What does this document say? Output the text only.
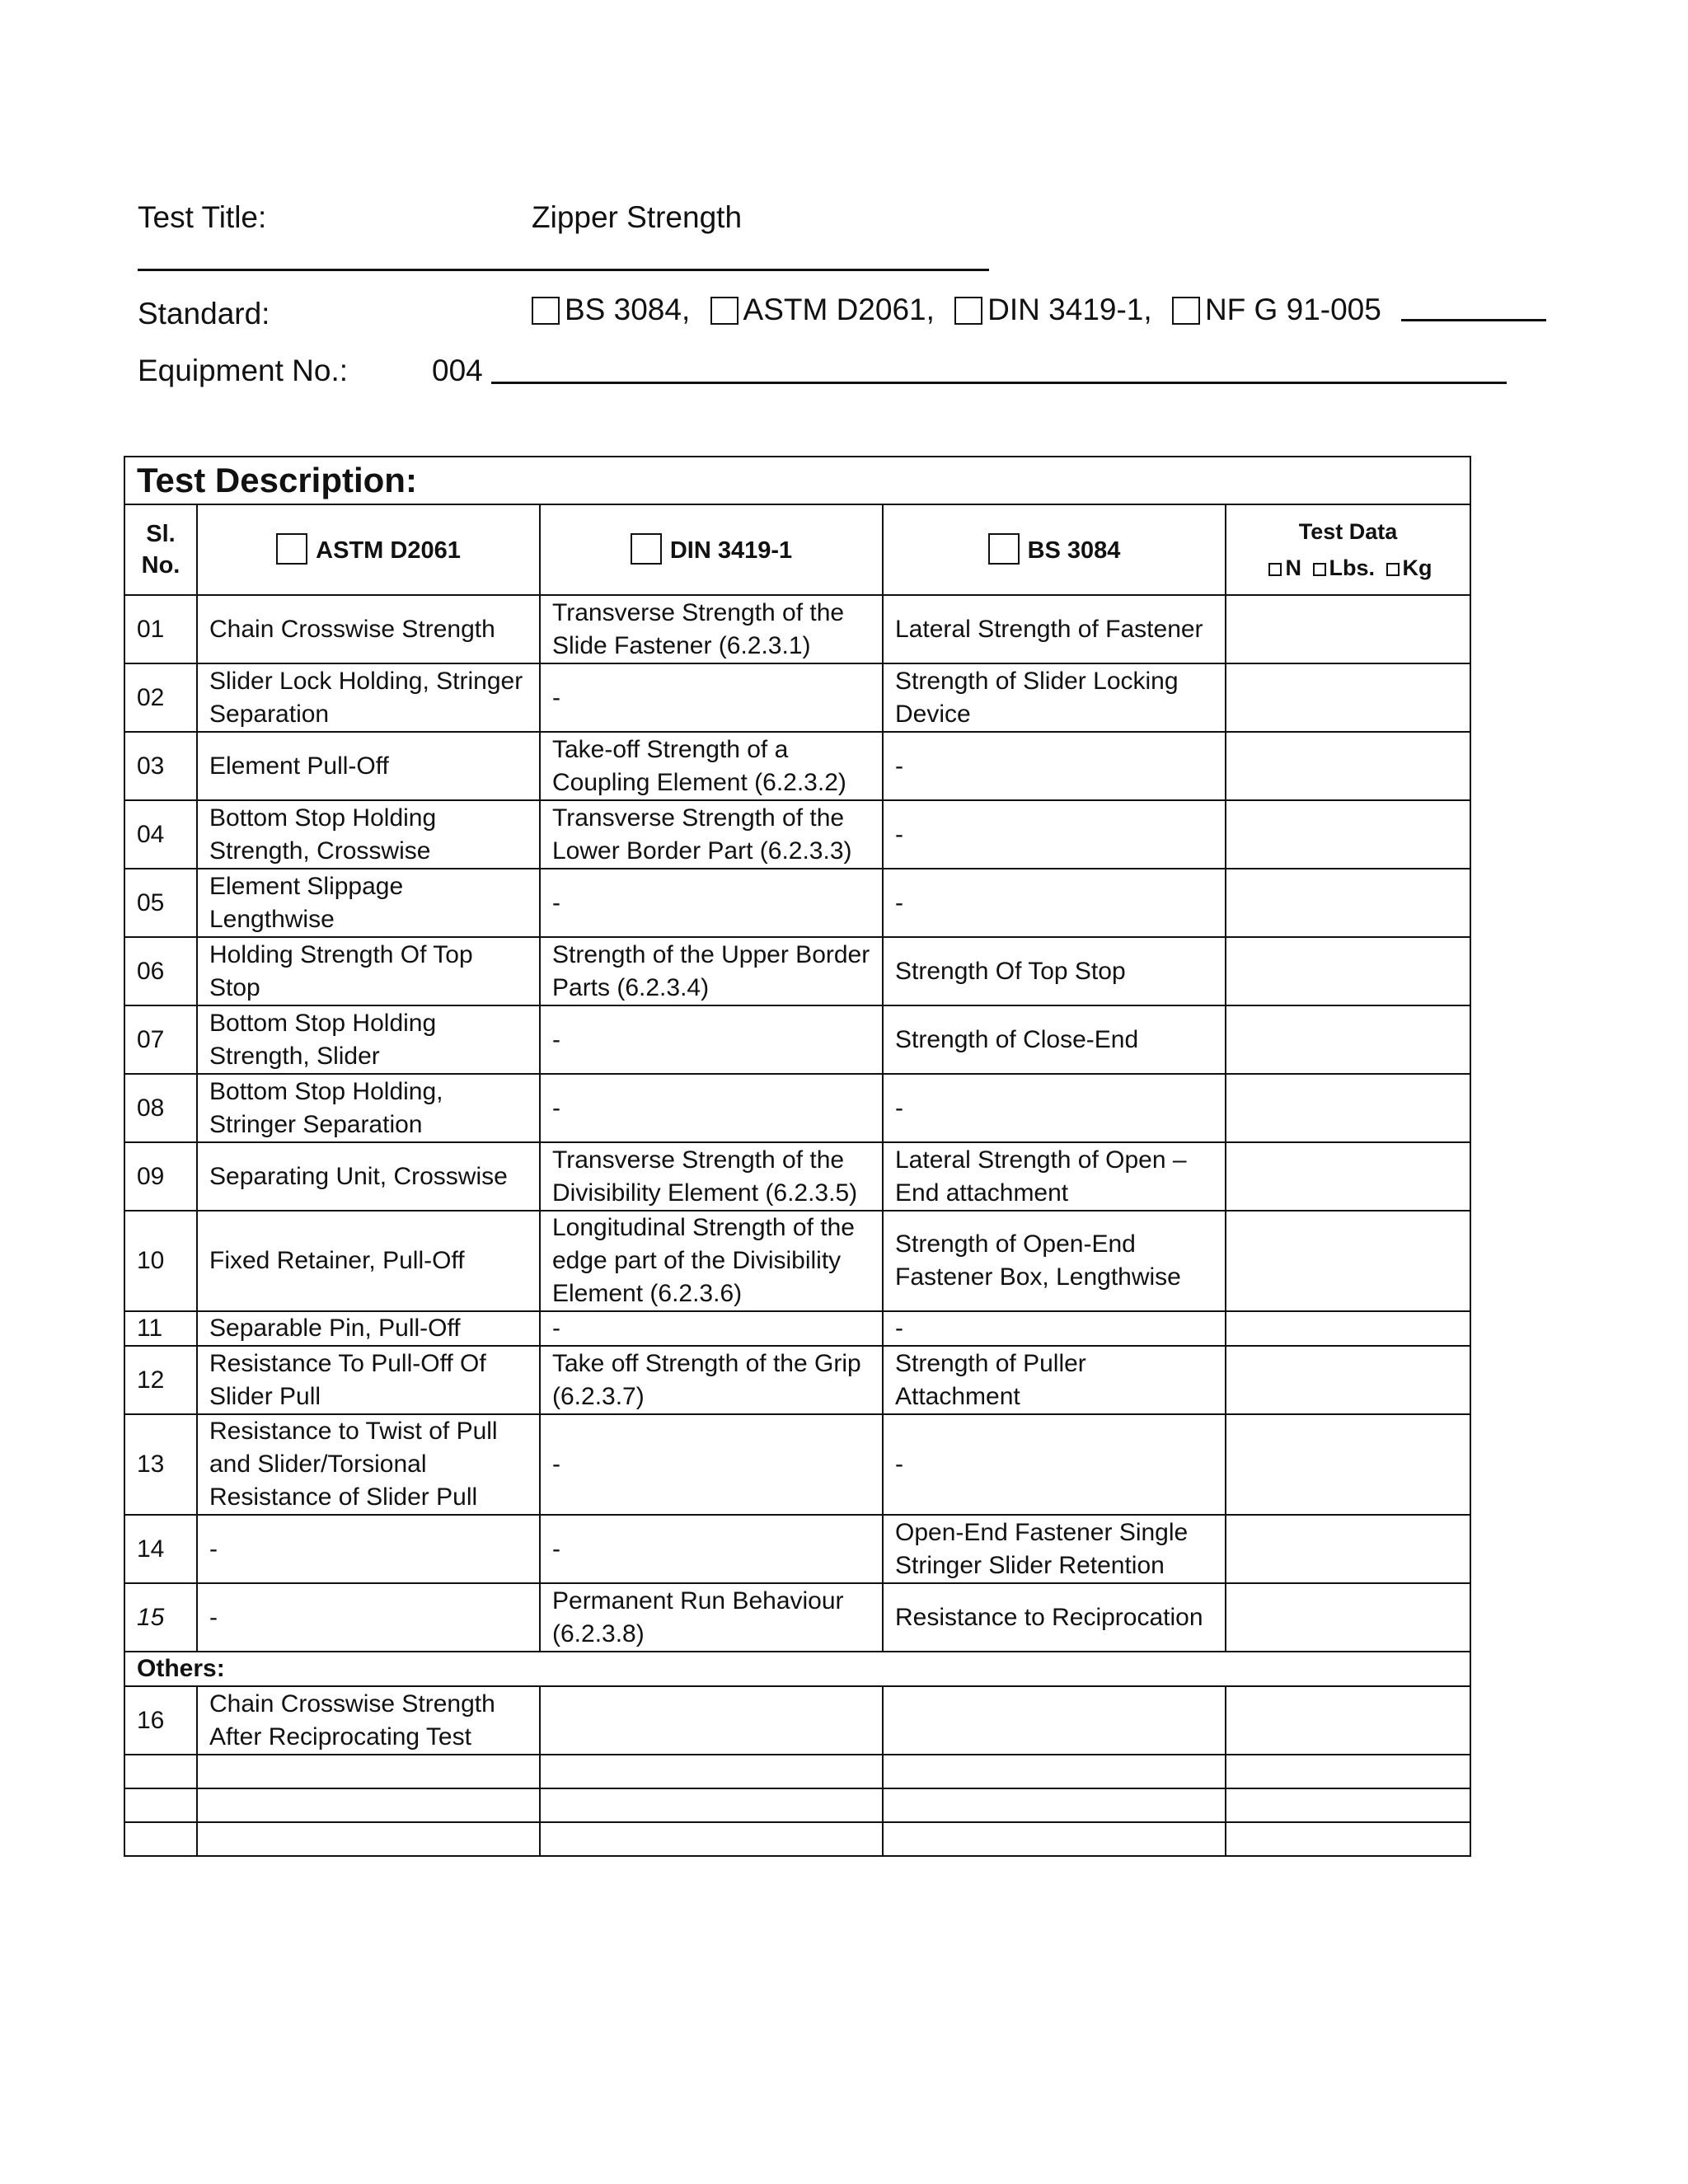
Test Title:	Zipper Strength
Standard:	BS 3084, ASTM D2061, DIN 3419-1, NF G 91-005
Equipment No.:	004
Test Description:				
Sl. No.	ASTM D2061	DIN 3419-1	BS 3084	Test Data
N Lbs. Kg

01	Chain Crosswise Strength	Transverse Strength of the Slide Fastener (6.2.3.1)	Lateral Strength of Fastener	
02	Slider Lock Holding, Stringer Separation	-	Strength of Slider Locking Device	
03	Element Pull-Off	Take-off Strength of a Coupling Element (6.2.3.2)	-	
04	Bottom Stop Holding Strength, Crosswise	Transverse Strength of the Lower Border Part (6.2.3.3)	-	
05	Element Slippage Lengthwise	-	-	
06	Holding Strength Of Top Stop	Strength of the Upper Border Parts (6.2.3.4)	Strength Of Top Stop	
07	Bottom Stop Holding Strength, Slider	-	Strength of Close-End	
08	Bottom Stop Holding, Stringer Separation	-	-	
09	Separating Unit, Crosswise	Transverse Strength of the Divisibility Element (6.2.3.5)	Lateral Strength of Open – End attachment	
10	Fixed Retainer, Pull-Off	Longitudinal Strength of the edge part of the Divisibility Element (6.2.3.6)	Strength of Open-End Fastener Box, Lengthwise	
11	Separable Pin, Pull-Off	-	-	
12	Resistance To Pull-Off Of Slider Pull	Take off Strength of the Grip (6.2.3.7)	Strength of Puller Attachment	
13	Resistance to Twist of Pull and Slider/Torsional Resistance of Slider Pull	-	-	
14	-	-	Open-End Fastener Single Stringer Slider Retention	
15	-	Permanent Run Behaviour (6.2.3.8)	Resistance to Reciprocation	
Others:				
16	Chain Crosswise Strength After Reciprocating Test			
